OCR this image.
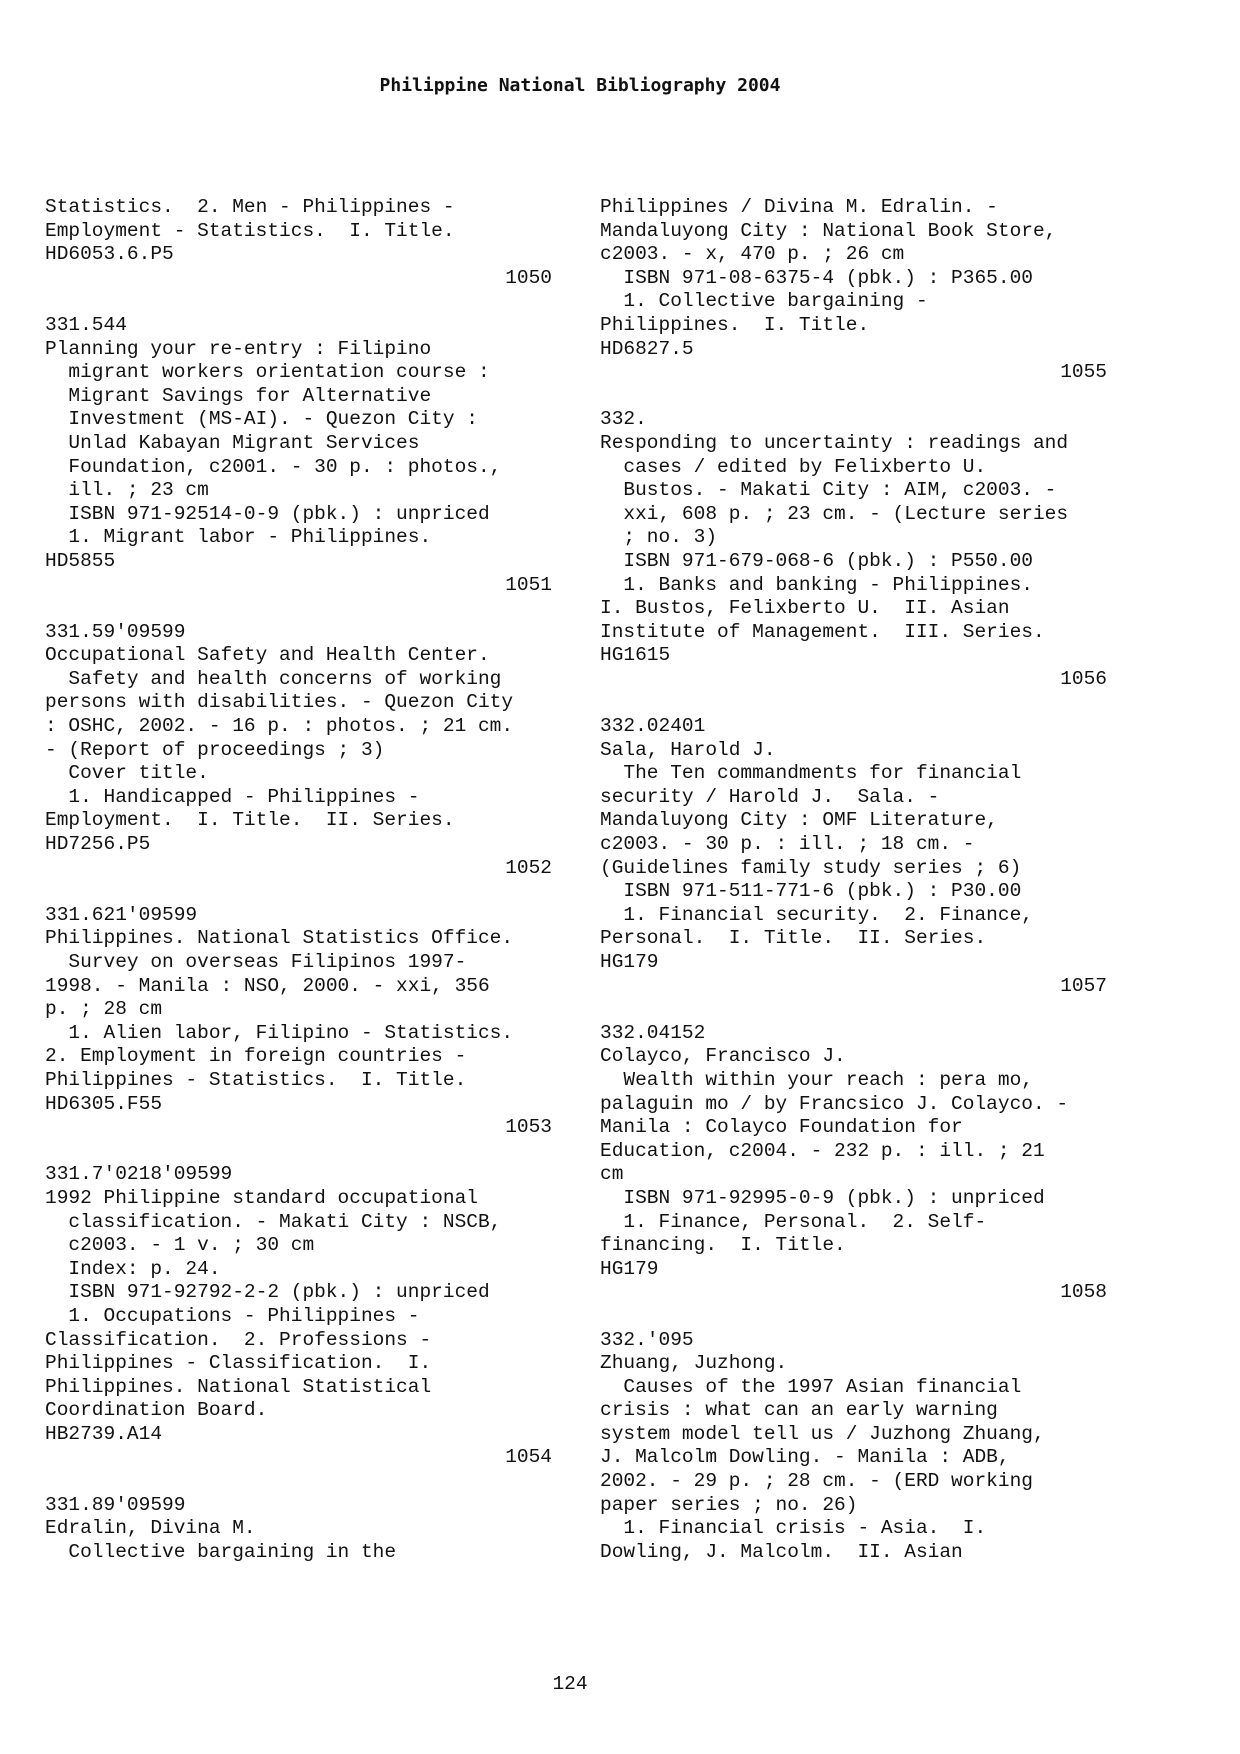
Philippine National Bibliography 2004
Statistics.  2. Men - Philippines -
Employment - Statistics.  I. Title.
HD6053.6.P5
1050
331.544
Planning your re-entry : Filipino
migrant workers orientation course :
Migrant Savings for Alternative
Investment (MS-AI). - Quezon City :
Unlad Kabayan Migrant Services
Foundation, c2001. - 30 p. : photos.,
ill. ; 23 cm
ISBN 971-92514-0-9 (pbk.) : unpriced
1. Migrant labor - Philippines.
HD5855
1051
331.59'09599
Occupational Safety and Health Center.
Safety and health concerns of working
persons with disabilities. - Quezon City
: OSHC, 2002. - 16 p. : photos. ; 21 cm.
- (Report of proceedings ; 3)
Cover title.
1. Handicapped - Philippines -
Employment.  I. Title.  II. Series.
HD7256.P5
1052
331.621'09599
Philippines. National Statistics Office.
Survey on overseas Filipinos 1997-
1998. - Manila : NSO, 2000. - xxi, 356
p. ; 28 cm
1. Alien labor, Filipino - Statistics.
2. Employment in foreign countries -
Philippines - Statistics.  I. Title.
HD6305.F55
1053
331.7'0218'09599
1992 Philippine standard occupational
classification. - Makati City : NSCB,
c2003. - 1 v. ; 30 cm
Index: p. 24.
ISBN 971-92792-2-2 (pbk.) : unpriced
1. Occupations - Philippines -
Classification.  2. Professions -
Philippines - Classification.  I.
Philippines. National Statistical
Coordination Board.
HB2739.A14
1054
331.89'09599
Edralin, Divina M.
Collective bargaining in the
Philippines / Divina M. Edralin. -
Mandaluyong City : National Book Store,
c2003. - x, 470 p. ; 26 cm
ISBN 971-08-6375-4 (pbk.) : P365.00
1. Collective bargaining -
Philippines.  I. Title.
HD6827.5
1055
332.
Responding to uncertainty : readings and
cases / edited by Felixberto U.
Bustos. - Makati City : AIM, c2003. -
xxi, 608 p. ; 23 cm. - (Lecture series
; no. 3)
ISBN 971-679-068-6 (pbk.) : P550.00
1. Banks and banking - Philippines.
I. Bustos, Felixberto U.  II. Asian
Institute of Management.  III. Series.
HG1615
1056
332.02401
Sala, Harold J.
The Ten commandments for financial
security / Harold J.  Sala. -
Mandaluyong City : OMF Literature,
c2003. - 30 p. : ill. ; 18 cm. -
(Guidelines family study series ; 6)
ISBN 971-511-771-6 (pbk.) : P30.00
1. Financial security.  2. Finance,
Personal.  I. Title.  II. Series.
HG179
1057
332.04152
Colayco, Francisco J.
Wealth within your reach : pera mo,
palaguin mo / by Francsico J. Colayco. -
Manila : Colayco Foundation for
Education, c2004. - 232 p. : ill. ; 21
cm
ISBN 971-92995-0-9 (pbk.) : unpriced
1. Finance, Personal.  2. Self-
financing.  I. Title.
HG179
1058
332.'095
Zhuang, Juzhong.
Causes of the 1997 Asian financial
crisis : what can an early warning
system model tell us / Juzhong Zhuang,
J. Malcolm Dowling. - Manila : ADB,
2002. - 29 p. ; 28 cm. - (ERD working
paper series ; no. 26)
1. Financial crisis - Asia.  I.
Dowling, J. Malcolm.  II. Asian
124
